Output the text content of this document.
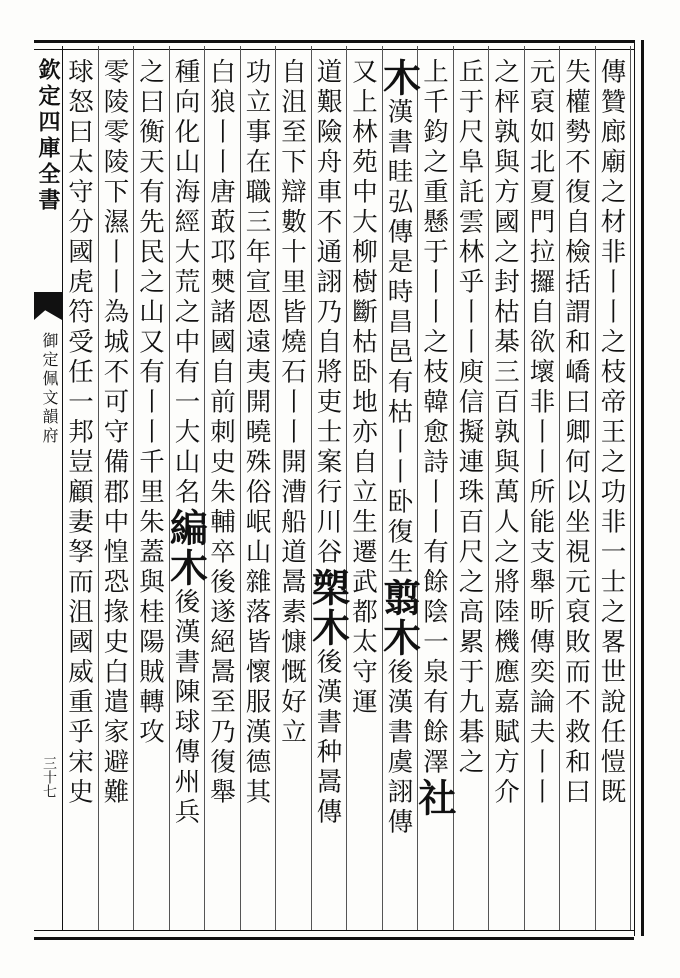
欽定四庫全書
御定佩文韻府
三十七	傳贊廊廟之材非丨丨之枝帝王之功非一士之畧世說任愷既
失權勢不復自檢括謂和嶠曰卿何以坐視元裒敗而不救和曰
元裒如北夏門拉攞自欲壞非丨丨所能支舉昕傳奕論夫丨丨
之枰孰與方國之封枯棊三百孰與萬人之將陸機應嘉賦方介
丘于尺阜託雲林乎丨丨庾信擬連珠百尺之高累于九碁之
上千鈞之重懸于丨丨之枝韓愈詩丨丨有餘陰一泉有餘澤社
木漢書眭弘傳是時昌邑有枯丨丨卧復生翦木後漢書虞詡傳
又上林苑中大柳樹斷枯卧地亦自立生遷武都太守運
道艱險舟車不通詡乃自將吏士案行川谷槊木後漢書种暠傳
自沮至下辯數十里皆燒石丨丨開漕船道暠素慷慨好立
功立事在職三年宣恩遠夷開曉殊俗岷山雜落皆懷服漢德其
白狼丨丨唐菆邛僰諸國自前刺史朱輔卒後遂絕暠至乃復舉
種向化山海經大荒之中有一大山名編木後漢書陳球傳州兵
之曰衡天有先民之山又有丨丨千里朱蓋與桂陽賊轉攻
零陵零陵下濕丨丨為城不可守備郡中惶恐掾史白遣家避難
球怒曰太守分國虎符受任一邦豈顧妻孥而沮國威重乎宋史
